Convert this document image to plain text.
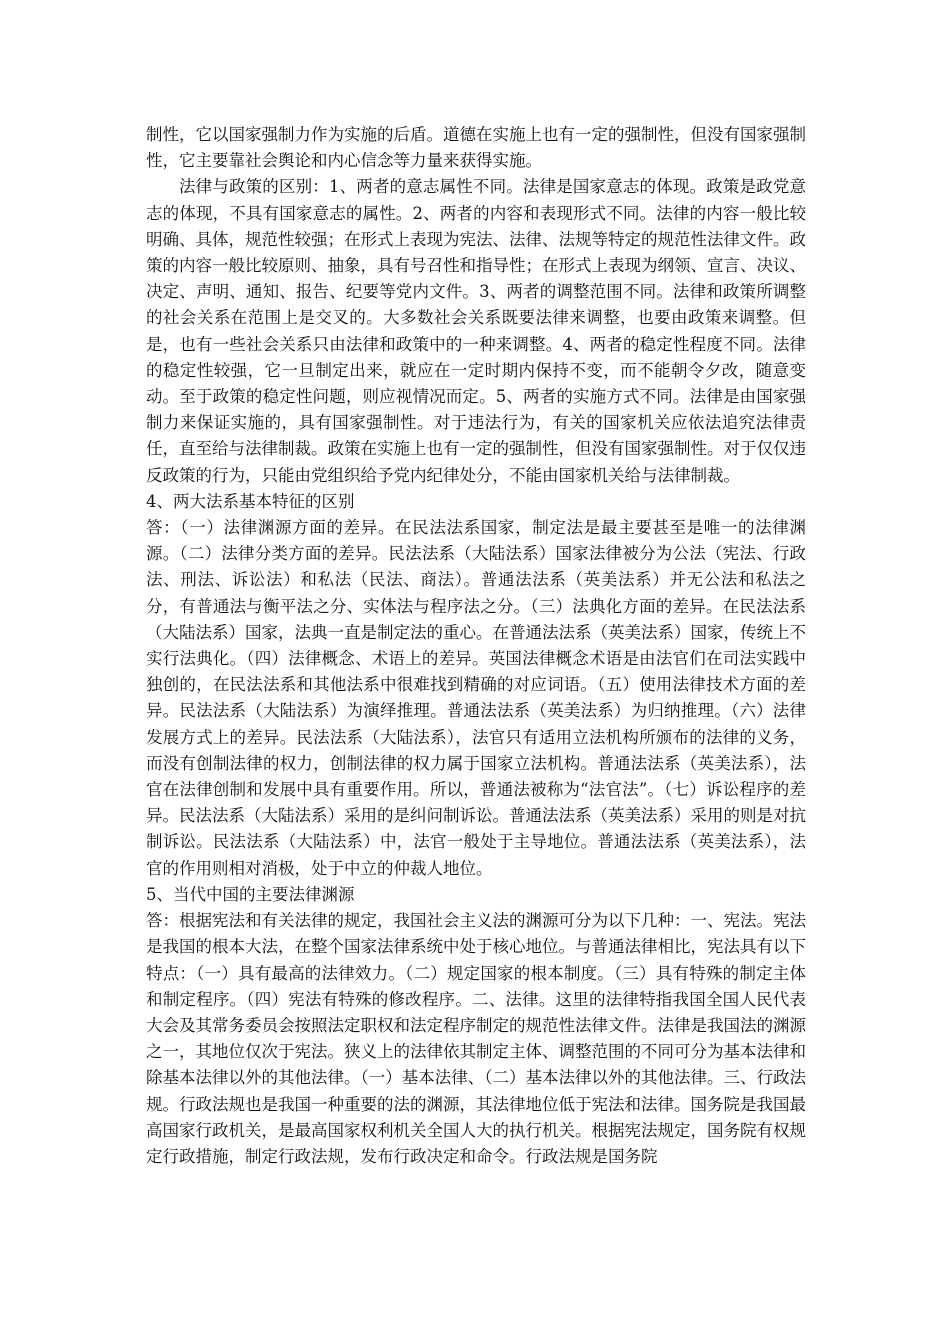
制性，它以国家强制力作为实施的后盾。道德在实施上也有一定的强制性，但没有国家强制性，它主要靠社会舆论和内心信念等力量来获得实施。

法律与政策的区别：1、两者的意志属性不同。法律是国家意志的体现。政策是政党意志的体现，不具有国家意志的属性。2、两者的内容和表现形式不同。法律的内容一般比较明确、具体，规范性较强；在形式上表现为宪法、法律、法规等特定的规范性法律文件。政策的内容一般比较原则、抽象，具有号召性和指导性；在形式上表现为纲领、宣言、决议、决定、声明、通知、报告、纪要等党内文件。3、两者的调整范围不同。法律和政策所调整的社会关系在范围上是交叉的。大多数社会关系既要法律来调整，也要由政策来调整。但是，也有一些社会关系只由法律和政策中的一种来调整。4、两者的稳定性程度不同。法律的稳定性较强，它一旦制定出来，就应在一定时期内保持不变，而不能朝令夕改，随意变动。至于政策的稳定性问题，则应视情况而定。5、两者的实施方式不同。法律是由国家强制力来保证实施的，具有国家强制性。对于违法行为，有关的国家机关应依法追究法律责任，直至给与法律制裁。政策在实施上也有一定的强制性，但没有国家强制性。对于仅仅违反政策的行为，只能由党组织给予党内纪律处分，不能由国家机关给与法律制裁。

4、两大法系基本特征的区别

答：（一）法律渊源方面的差异。在民法法系国家，制定法是最主要甚至是唯一的法律渊源。（二）法律分类方面的差异。民法法系（大陆法系）国家法律被分为公法（宪法、行政法、刑法、诉讼法）和私法（民法、商法）。普通法法系（英美法系）并无公法和私法之分，有普通法与衡平法之分、实体法与程序法之分。（三）法典化方面的差异。在民法法系（大陆法系）国家，法典一直是制定法的重心。在普通法法系（英美法系）国家，传统上不实行法典化。（四）法律概念、术语上的差异。英国法律概念术语是由法官们在司法实践中独创的，在民法法系和其他法系中很难找到精确的对应词语。（五）使用法律技术方面的差异。民法法系（大陆法系）为演绎推理。普通法法系（英美法系）为归纳推理。（六）法律发展方式上的差异。民法法系（大陆法系），法官只有适用立法机构所颁布的法律的义务，而没有创制法律的权力，创制法律的权力属于国家立法机构。普通法法系（英美法系），法官在法律创制和发展中具有重要作用。所以，普通法被称为“法官法”。（七）诉讼程序的差异。民法法系（大陆法系）采用的是纠问制诉讼。普通法法系（英美法系）采用的则是对抗制诉讼。民法法系（大陆法系）中，法官一般处于主导地位。普通法法系（英美法系），法官的作用则相对消极，处于中立的仲裁人地位。

5、当代中国的主要法律渊源

答：根据宪法和有关法律的规定，我国社会主义法的渊源可分为以下几种：一、宪法。宪法是我国的根本大法，在整个国家法律系统中处于核心地位。与普通法律相比，宪法具有以下特点：（一）具有最高的法律效力。（二）规定国家的根本制度。（三）具有特殊的制定主体和制定程序。（四）宪法有特殊的修改程序。二、法律。这里的法律特指我国全国人民代表大会及其常务委员会按照法定职权和法定程序制定的规范性法律文件。法律是我国法的渊源之一，其地位仅次于宪法。狭义上的法律依其制定主体、调整范围的不同可分为基本法律和除基本法律以外的其他法律。（一）基本法律、（二）基本法律以外的其他法律。三、行政法规。行政法规也是我国一种重要的法的渊源，其法律地位低于宪法和法律。国务院是我国最高国家行政机关，是最高国家权利机关全国人大的执行机关。根据宪法规定，国务院有权规定行政措施，制定行政法规，发布行政决定和命令。行政法规是国务院
